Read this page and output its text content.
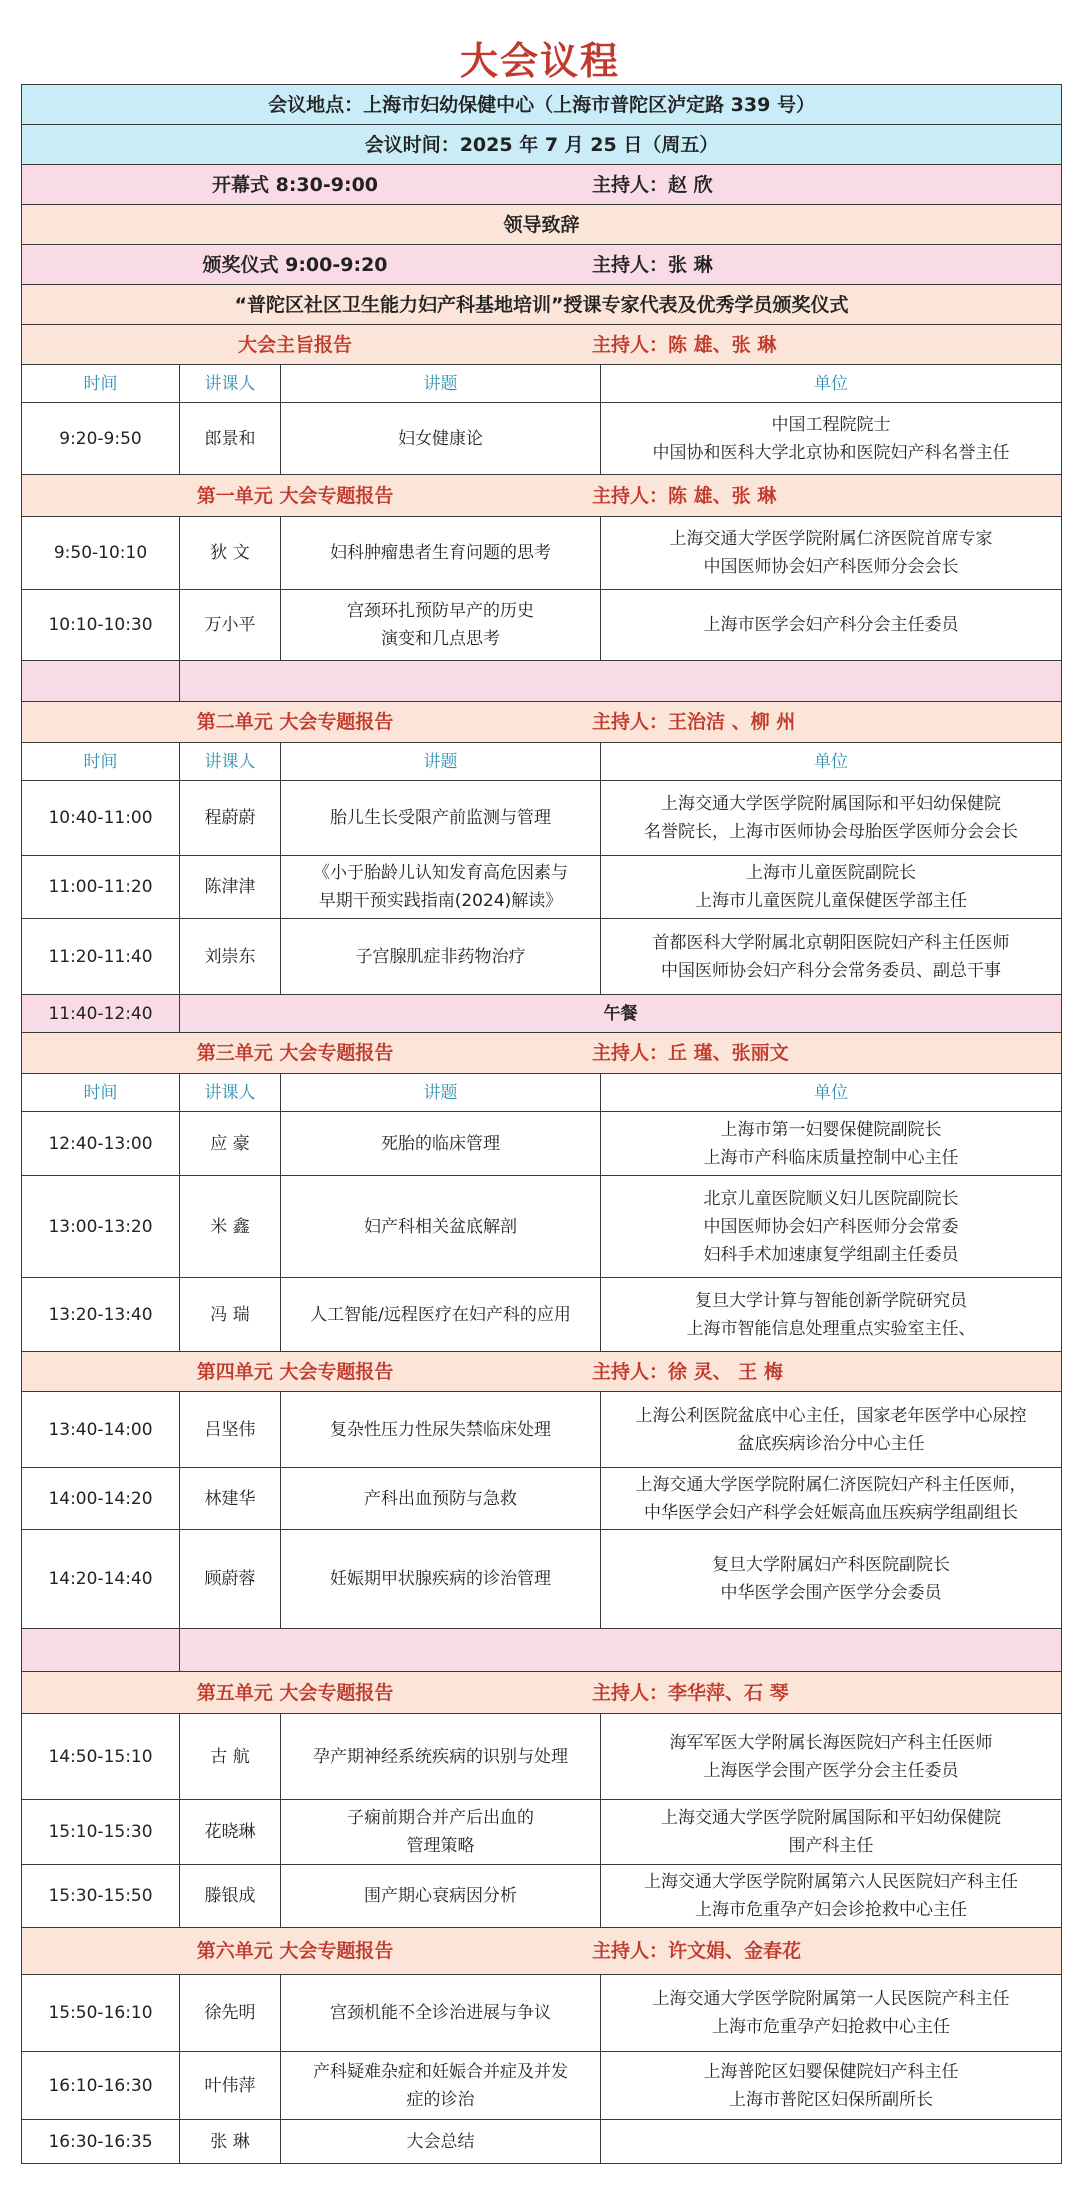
大会议程
会议地点：上海市妇幼保健中心（上海市普陀区泸定路 339 号）			
会议时间：2025 年 7 月 25 日（周五）			

开幕式 8:30-9:00 主持人：赵 欣			

领导致辞			

颁奖仪式 9:00-9:20 主持人：张 琳			

“普陀区社区卫生能力妇产科基地培训”授课专家代表及优秀学员颁奖仪式			

大会主旨报告 主持人：陈 雄、张 琳			

时间	讲课人	讲题	单位
9:20-9:50	郎景和	妇女健康论	中国工程院院士
中国协和医科大学北京协和医院妇产科名誉主任

第一单元 大会专题报告 主持人：陈 雄、张 琳			

9:50-10:10	狄 文	妇科肿瘤患者生育问题的思考	上海交通大学医学院附属仁济医院首席专家
中国医师协会妇产科医师分会会长
10:10-10:30	万小平	宫颈环扎预防早产的历史
演变和几点思考	上海市医学会妇产科分会主任委员

第二单元 大会专题报告 主持人：王治洁 、柳 州			

时间	讲课人	讲题	单位
10:40-11:00	程蔚蔚	胎儿生长受限产前监测与管理	上海交通大学医学院附属国际和平妇幼保健院
名誉院长，上海市医师协会母胎医学医师分会会长
11:00-11:20	陈津津	《小于胎龄儿认知发育高危因素与
早期干预实践指南(2024)解读》	上海市儿童医院副院长
上海市儿童医院儿童保健医学部主任
11:20-11:40	刘崇东	子宫腺肌症非药物治疗	首都医科大学附属北京朝阳医院妇产科主任医师
中国医师协会妇产科分会常务委员、副总干事
11:40-12:40	午餐		

第三单元 大会专题报告 主持人：丘 瑾、张丽文			

时间	讲课人	讲题	单位
12:40-13:00	应 豪	死胎的临床管理	上海市第一妇婴保健院副院长
上海市产科临床质量控制中心主任
13:00-13:20	米 鑫	妇产科相关盆底解剖	北京儿童医院顺义妇儿医院副院长
中国医师协会妇产科医师分会常委
妇科手术加速康复学组副主任委员
13:20-13:40	冯 瑞	人工智能/远程医疗在妇产科的应用	复旦大学计算与智能创新学院研究员
上海市智能信息处理重点实验室主任、

第四单元 大会专题报告 主持人：徐 灵、 王 梅			

13:40-14:00	吕坚伟	复杂性压力性尿失禁临床处理	上海公利医院盆底中心主任，国家老年医学中心尿控
盆底疾病诊治分中心主任
14:00-14:20	林建华	产科出血预防与急救	上海交通大学医学院附属仁济医院妇产科主任医师，
中华医学会妇产科学会妊娠高血压疾病学组副组长
14:20-14:40	顾蔚蓉	妊娠期甲状腺疾病的诊治管理	复旦大学附属妇产科医院副院长
中华医学会围产医学分会委员

第五单元 大会专题报告 主持人：李华萍、石 琴			

14:50-15:10	古 航	孕产期神经系统疾病的识别与处理	海军军医大学附属长海医院妇产科主任医师
上海医学会围产医学分会主任委员
15:10-15:30	花晓琳	子痫前期合并产后出血的
管理策略	上海交通大学医学院附属国际和平妇幼保健院
围产科主任
15:30-15:50	滕银成	围产期心衰病因分析	上海交通大学医学院附属第六人民医院妇产科主任
上海市危重孕产妇会诊抢救中心主任

第六单元 大会专题报告 主持人：许文娟、金春花			

15:50-16:10	徐先明	宫颈机能不全诊治进展与争议	上海交通大学医学院附属第一人民医院产科主任
上海市危重孕产妇抢救中心主任
16:10-16:30	叶伟萍	产科疑难杂症和妊娠合并症及并发
症的诊治	上海普陀区妇婴保健院妇产科主任
上海市普陀区妇保所副所长
16:30-16:35	张 琳	大会总结	
